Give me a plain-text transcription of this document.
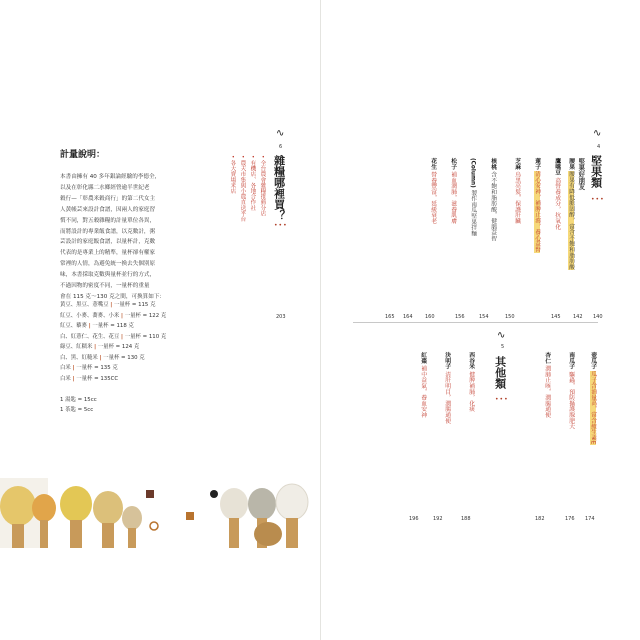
計量說明：
本書由擁有 40 多年銀論經驗的李德全，
以及在彰化縣二水鄉經營逾半世紀老
穀行—「彰農米穀商行」的第二代女主
人黃帳芸來設計食譜，因兩人的家庭習
慣不同，對五穀雜糧的計量單位各異，
而將設計的專業飯食譜，以克數計，粥
芸設計的家庭飯食譜，以量杯計，克數
代表的是專業上的精準，量杯卻有權家
常裡的人情，為避免統一換去失個別原
味，本書採取克數與量杯並行的方式，
不過因物的密度不同，一量杯的重量
會在 115 克～130 克之間，可換算如下：
黃豆、黑豆、薏嘴豆 | 一量杯 = 115 克
紅豆、小麥、蕎麥、小米 | 一量杯 = 122 克
紅豆、藜麥 | 一量杯 = 118 克
白、紅薏仁、花生、花豆 | 一量杯 = 110 克
綠豆、紅糯米 | 一量杯 = 124 克
白、黑、紅糙米 | 一量杯 = 130 克
白米 | 一量杯 = 135 克
白米 | 一量杯 = 135CC
1 湯匙 = 15cc
1 茶匙 = 5cc
∿
6
雜糧哪裡買？
•••
• 全台農會雜糧推薦分店
• 有機店、各地合作社
• 農夫市集與小農直送平台
• 各大賣場米店
203
∿
4
堅果類
•••
堅果好朋友
腰果 腰果有降低膽固醇，富含不飽和脂肪酸
鷹嘴豆 高營養成分，抗氧化
蓮子 清心安神，補脾止瀉，養心益腎
芝麻 烏黑亮髮，保護肝臟
核桃 含不飽和脂肪酸，健腦益智
(Column) 製作南瓜堅果拌麵
松子 補血潤肺，滋養肌膚
花生 營養豐富，延緩衰老
140
142
145
150
154
156
160
164
165
∿
5
其他類
•••
壺瓜子 瓜子含油量高，富含維生素E
南瓜子 驅蟲，預防攝護腺肥大
杏仁 潤肺止咳，潤腸通便
西谷米 健脾補肺，化痰
決明子 清肝明目，潤腸通便
紅棗 補中益氣，養血安神
174
176
182
188
192
196
